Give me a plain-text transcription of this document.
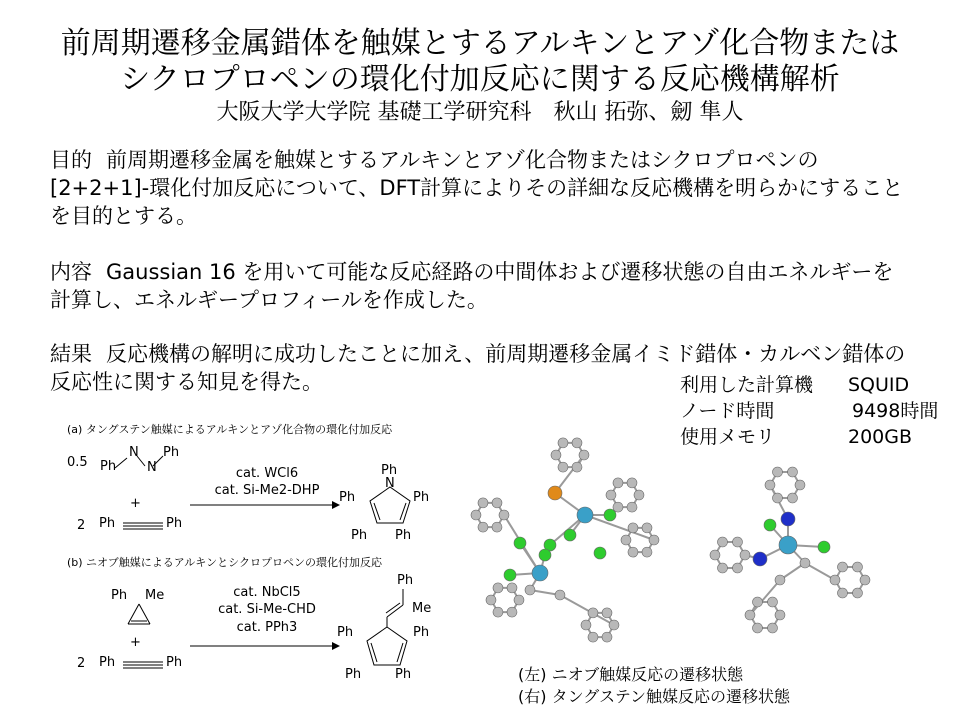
前周期遷移金属錯体を触媒とするアルキンとアゾ化合物または
シクロプロペンの環化付加反応に関する反応機構解析
大阪大学大学院 基礎工学研究科　秋山 拓弥、劒 隼人
目的 前周期遷移金属を触媒とするアルキンとアゾ化合物またはシクロプロペンの[2+2+1]-環化付加反応について、DFT計算によりその詳細な反応機構を明らかにすることを目的とする。
内容 Gaussian 16 を用いて可能な反応経路の中間体および遷移状態の自由エネルギーを計算し、エネルギープロフィールを作成した。
結果 反応機構の解明に成功したことに加え、前周期遷移金属イミド錯体・カルベン錯体の反応性に関する知見を得た。	利用した計算機	SQUID
ノード時間	9498時間
使用メモリ	200GB
(a) タングステン触媒によるアルキンとアゾ化合物の環化付加反応
0.5 Ph
N
N
Ph
+
2 Ph	Ph
cat. WCl6
cat. Si-Me2-DHP
Ph
N
Ph	Ph
Ph Ph
(b) ニオブ触媒によるアルキンとシクロプロペンの環化付加反応
Ph Me
+
2 Ph	Ph
cat. NbCl5
cat. Si-Me-CHD
cat. PPh3
Ph
Me
Ph	Ph
Ph	Ph	(左) ニオブ触媒反応の遷移状態
(右) タングステン触媒反応の遷移状態
